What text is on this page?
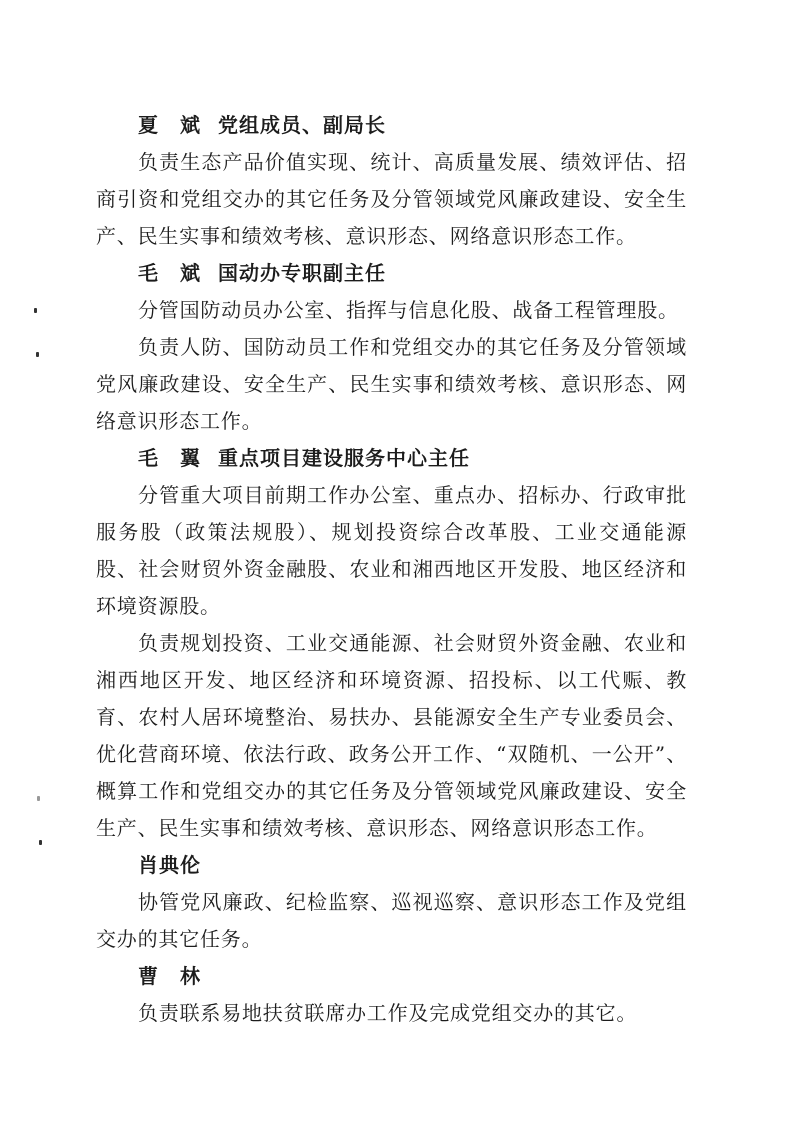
夏　斌 党组成员、副局长

负责生态产品价值实现、统计、高质量发展、绩效评估、招商引资和党组交办的其它任务及分管领域党风廉政建设、安全生产、民生实事和绩效考核、意识形态、网络意识形态工作。

毛　斌 国动办专职副主任

分管国防动员办公室、指挥与信息化股、战备工程管理股。

负责人防、国防动员工作和党组交办的其它任务及分管领域党风廉政建设、安全生产、民生实事和绩效考核、意识形态、网络意识形态工作。

毛　翼 重点项目建设服务中心主任

分管重大项目前期工作办公室、重点办、招标办、行政审批服务股（政策法规股）、规划投资综合改革股、工业交通能源股、社会财贸外资金融股、农业和湘西地区开发股、地区经济和环境资源股。

负责规划投资、工业交通能源、社会财贸外资金融、农业和湘西地区开发、地区经济和环境资源、招投标、以工代赈、教育、农村人居环境整治、易扶办、县能源安全生产专业委员会、优化营商环境、依法行政、政务公开工作、“双随机、一公开”、概算工作和党组交办的其它任务及分管领域党风廉政建设、安全生产、民生实事和绩效考核、意识形态、网络意识形态工作。

肖典伦

协管党风廉政、纪检监察、巡视巡察、意识形态工作及党组交办的其它任务。

曹　林

负责联系易地扶贫联席办工作及完成党组交办的其它。
